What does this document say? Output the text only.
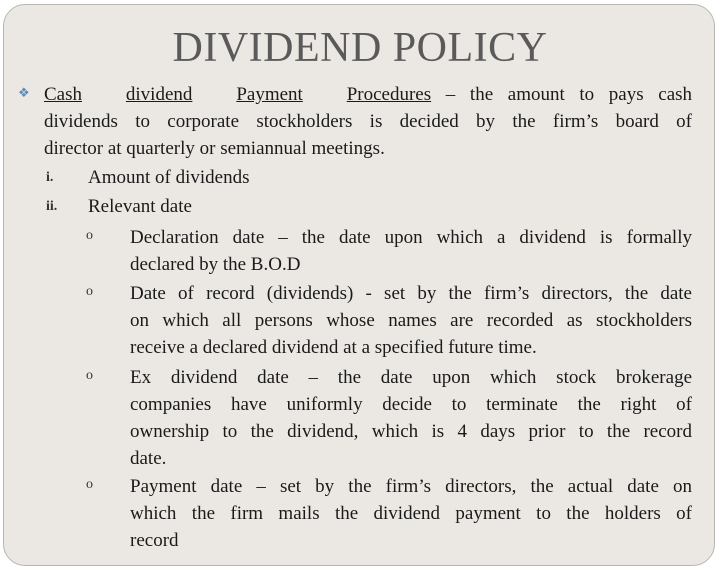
DIVIDEND POLICY
❖ Cash dividend Payment Procedures – the amount to pays cash
dividends to corporate stockholders is decided by the firm’s board of
director at quarterly or semiannual meetings.
i. Amount of dividends
ii. Relevant date
o Declaration date – the date upon which a dividend is formally
declared by the B.O.D
o Date of record (dividends) - set by the firm’s directors, the date
on which all persons whose names are recorded as stockholders
receive a declared dividend at a specified future time.
o Ex dividend date – the date upon which stock brokerage
companies have uniformly decide to terminate the right of
ownership to the dividend, which is 4 days prior to the record
date.
o Payment date – set by the firm’s directors, the actual date on
which the firm mails the dividend payment to the holders of
record
